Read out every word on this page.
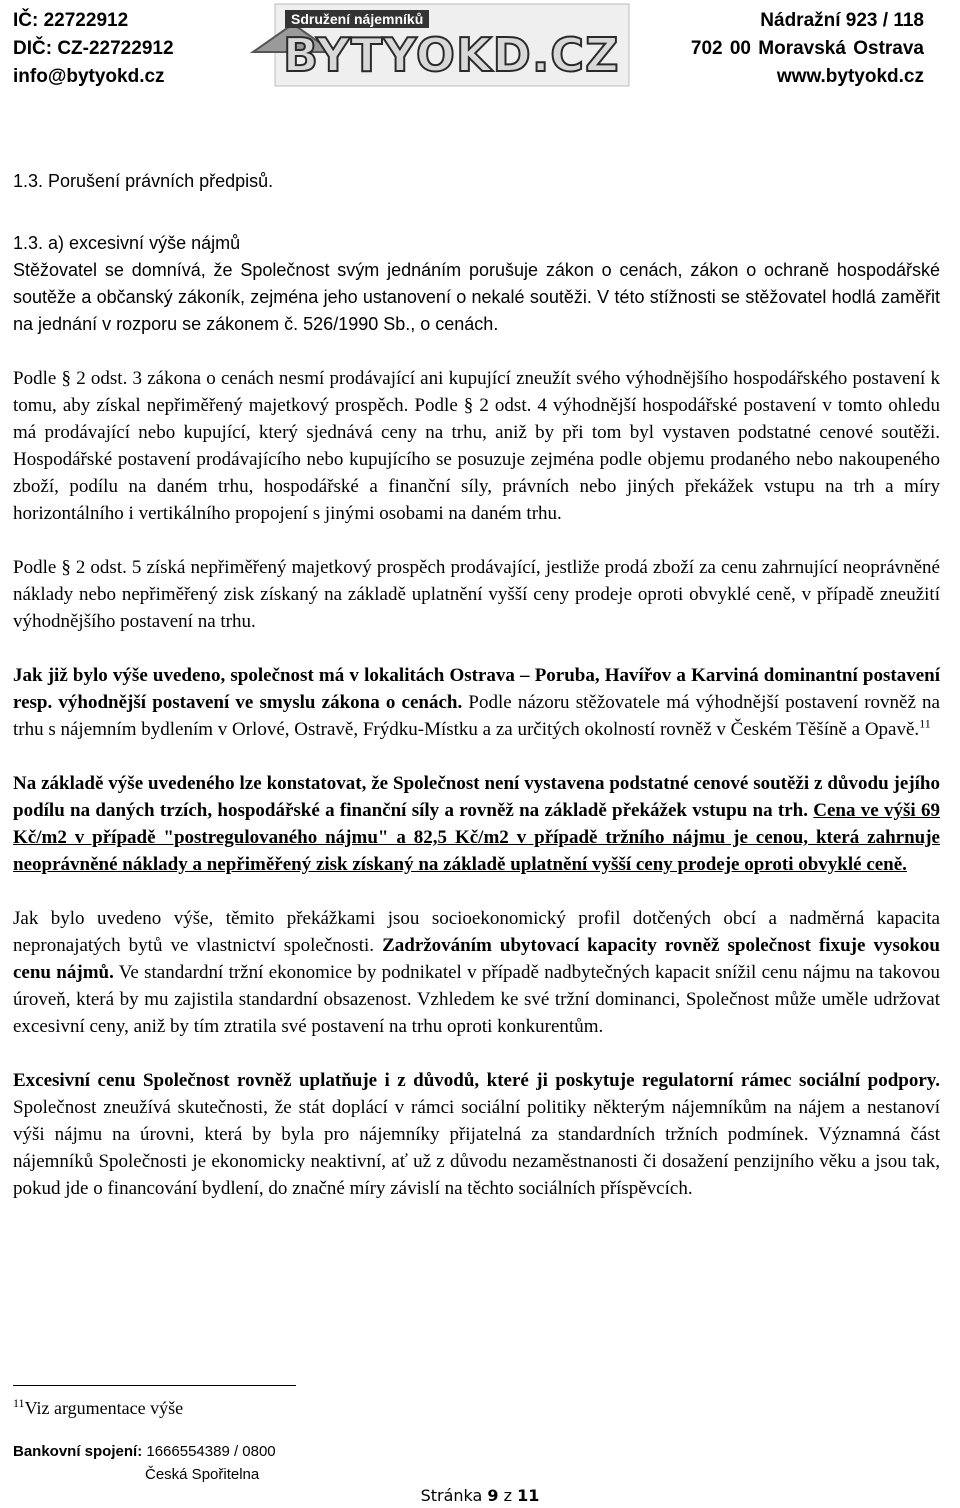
IČ: 22722912
DIČ: CZ-22722912
info@bytyokd.cz
Sdružení nájemníků
BYTYOKD.CZ
Nádražní 923 / 118
702 00 Moravská Ostrava
www.bytyokd.cz

1.3. Porušení právních předpisů.

1.3. a) excesivní výše nájmů

Stěžovatel se domnívá, že Společnost svým jednáním porušuje zákon o cenách, zákon o ochraně hospodářské soutěže a občanský zákoník, zejména jeho ustanovení o nekalé soutěži. V této stížnosti se stěžovatel hodlá zaměřit na jednání v rozporu se zákonem č. 526/1990 Sb., o cenách.

Podle § 2 odst. 3 zákona o cenách nesmí prodávající ani kupující zneužít svého výhodnějšího hospodářského postavení k tomu, aby získal nepřiměřený majetkový prospěch. Podle § 2 odst. 4 výhodnější hospodářské postavení v tomto ohledu má prodávající nebo kupující, který sjednává ceny na trhu, aniž by při tom byl vystaven podstatné cenové soutěži. Hospodářské postavení prodávajícího nebo kupujícího se posuzuje zejména podle objemu prodaného nebo nakoupeného zboží, podílu na daném trhu, hospodářské a finanční síly, právních nebo jiných překážek vstupu na trh a míry horizontálního i vertikálního propojení s jinými osobami na daném trhu.

Podle § 2 odst. 5 získá nepřiměřený majetkový prospěch prodávající, jestliže prodá zboží za cenu zahrnující neoprávněné náklady nebo nepřiměřený zisk získaný na základě uplatnění vyšší ceny prodeje oproti obvyklé ceně, v případě zneužití výhodnějšího postavení na trhu.

Jak již bylo výše uvedeno, společnost má v lokalitách Ostrava – Poruba, Havířov a Karviná dominantní postavení resp. výhodnější postavení ve smyslu zákona o cenách. Podle názoru stěžovatele má výhodnější postavení rovněž na trhu s nájemním bydlením v Orlové, Ostravě, Frýdku-Místku a za určitých okolností rovněž v Českém Těšíně a Opavě.$^{11}$

Na základě výše uvedeného lze konstatovat, že Společnost není vystavena podstatné cenové soutěži z důvodu jejího podílu na daných trzích, hospodářské a finanční síly a rovněž na základě překážek vstupu na trh. Cena ve výši 69 Kč/m2 v případě "postregulovaného nájmu" a 82,5 Kč/m2 v případě tržního nájmu je cenou, která zahrnuje neoprávněné náklady a nepřiměřený zisk získaný na základě uplatnění vyšší ceny prodeje oproti obvyklé ceně.

Jak bylo uvedeno výše, těmito překážkami jsou socioekonomický profil dotčených obcí a nadměrná kapacita nepronajatých bytů ve vlastnictví společnosti. Zadržováním ubytovací kapacity rovněž společnost fixuje vysokou cenu nájmů. Ve standardní tržní ekonomice by podnikatel v případě nadbytečných kapacit snížil cenu nájmu na takovou úroveň, která by mu zajistila standardní obsazenost. Vzhledem ke své tržní dominanci, Společnost může uměle udržovat excesivní ceny, aniž by tím ztratila své postavení na trhu oproti konkurentům.

Excesivní cenu Společnost rovněž uplatňuje i z důvodů, které ji poskytuje regulatorní rámec sociální podpory. Společnost zneužívá skutečnosti, že stát doplácí v rámci sociální politiky některým nájemníkům na nájem a nestanoví výši nájmu na úrovni, která by byla pro nájemníky přijatelná za standardních tržních podmínek. Významná část nájemníků Společnosti je ekonomicky neaktivní, ať už z důvodu nezaměstnanosti či dosažení penzijního věku a jsou tak, pokud jde o financování bydlení, do značné míry závislí na těchto sociálních příspěvcích.

$^{11}$Viz argumentace výše
Bankovní spojení: 1666554389 / 0800
Česká Spořitelna
Stránka 9 z 11
